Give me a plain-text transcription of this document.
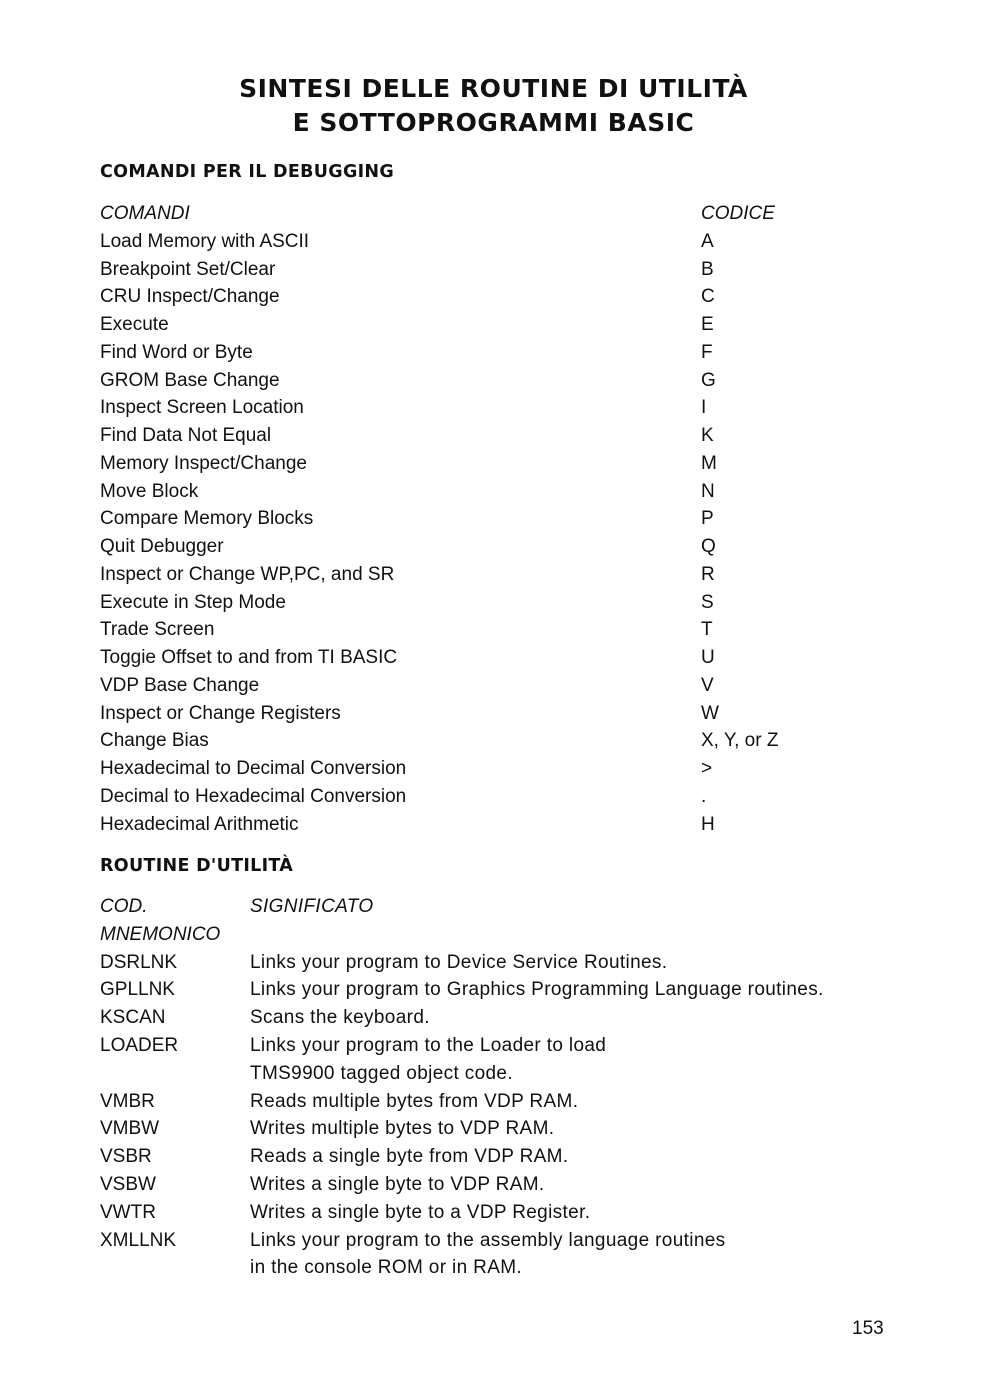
SINTESI DELLE ROUTINE DI UTILITÀ
E SOTTOPROGRAMMI BASIC
COMANDI PER IL DEBUGGING
COMANDI	CODICE
Load Memory with ASCII	A
Breakpoint Set/Clear	B
CRU Inspect/Change	C
Execute	E
Find Word or Byte	F
GROM Base Change	G
Inspect Screen Location	I
Find Data Not Equal	K
Memory Inspect/Change	M
Move Block	N
Compare Memory Blocks	P
Quit Debugger	Q
Inspect or Change WP,PC, and SR	R
Execute in Step Mode	S
Trade Screen	T
Toggie Offset to and from TI BASIC	U
VDP Base Change	V
Inspect or Change Registers	W
Change Bias	X, Y, or Z
Hexadecimal to Decimal Conversion	>
Decimal to Hexadecimal Conversion	.
Hexadecimal Arithmetic	H
ROUTINE D'UTILITÀ
COD.	SIGNIFICATO
MNEMONICO
DSRLNK	Links your program to Device Service Routines.
GPLLNK	Links your program to Graphics Programming Language routines.
KSCAN	Scans the keyboard.
LOADER	Links your program to the Loader to load
TMS9900 tagged object code.
VMBR	Reads multiple bytes from VDP RAM.
VMBW	Writes multiple bytes to VDP RAM.
VSBR	Reads a single byte from VDP RAM.
VSBW	Writes a single byte to VDP RAM.
VWTR	Writes a single byte to a VDP Register.
XMLLNK	Links your program to the assembly language routines
in the console ROM or in RAM.
153
